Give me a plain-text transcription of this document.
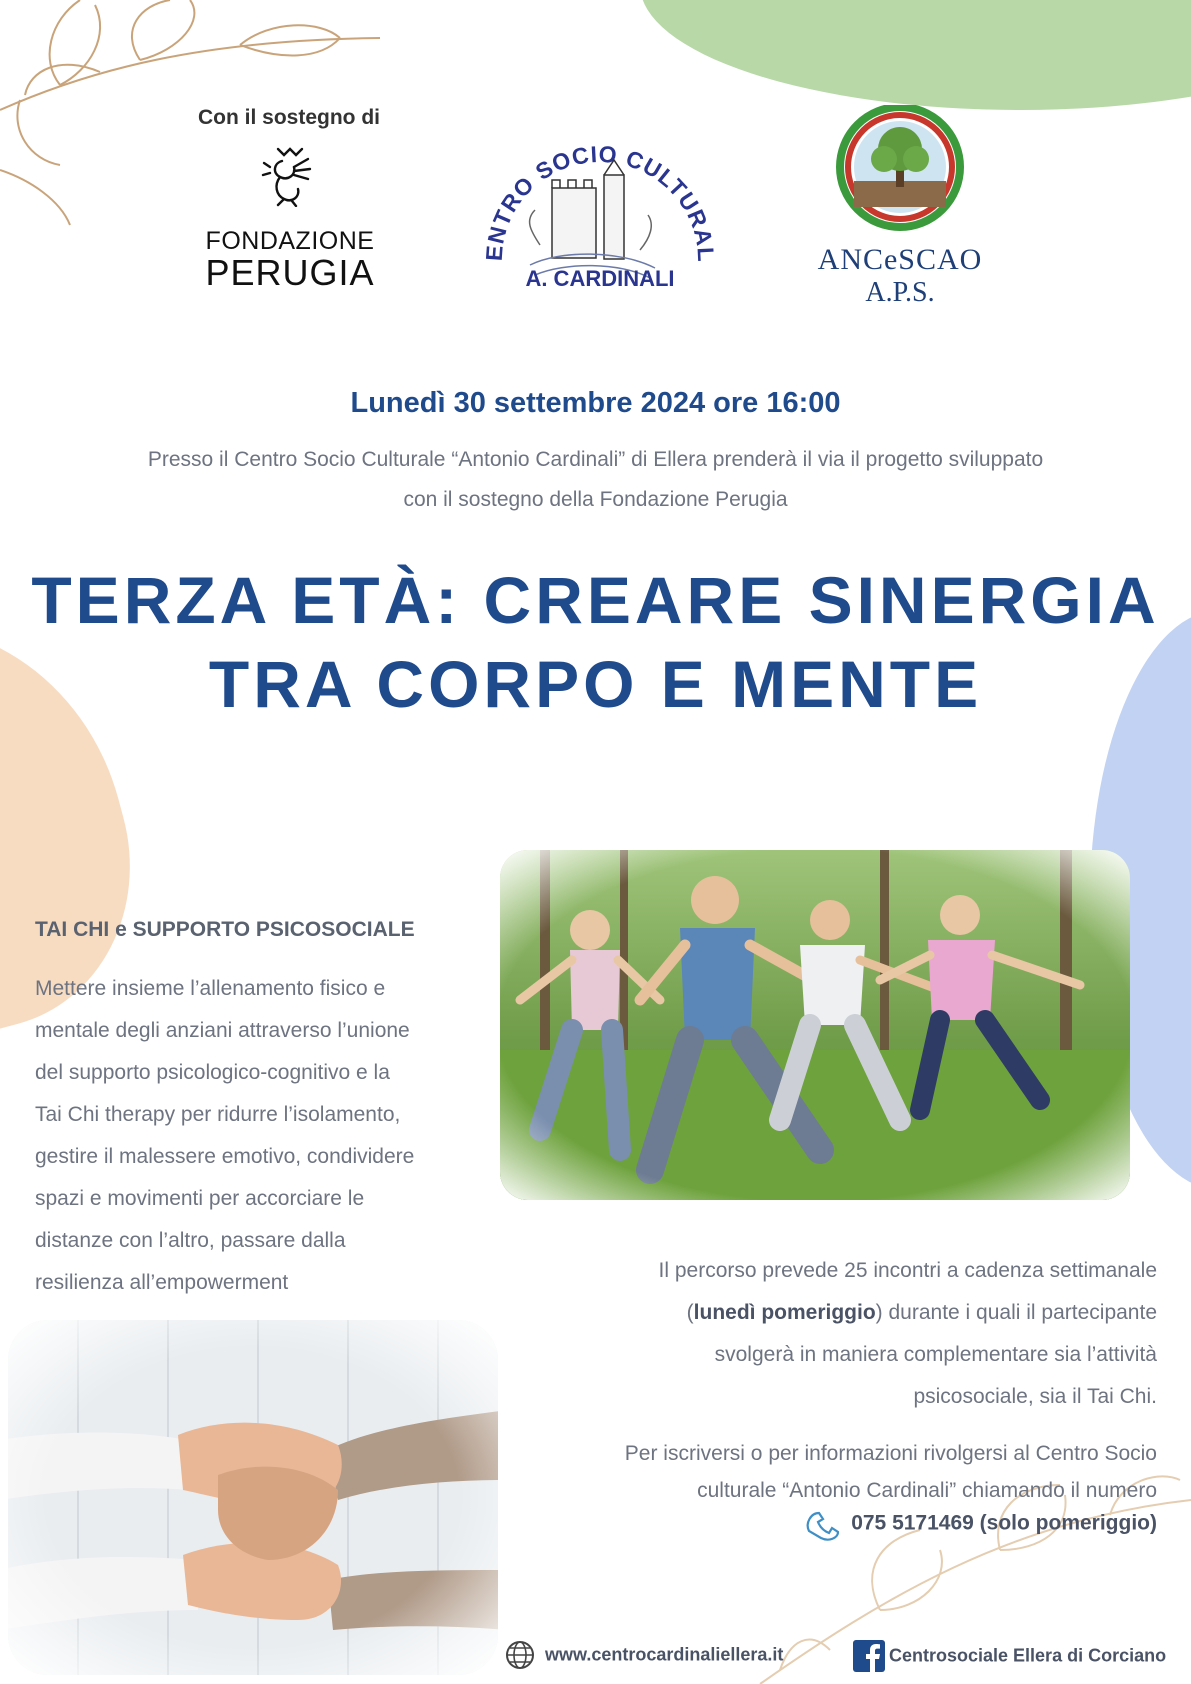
Con il sostegno di
FONDAZIONE
PERUGIA	ENTRO SOCIO CULTURAL
A. CARDINALI
ANCeSCAO
A.P.S.
Lunedì 30 settembre 2024 ore 16:00
Presso il Centro Socio Culturale “Antonio Cardinali” di Ellera prenderà il via il progetto sviluppato
con il sostegno della Fondazione Perugia
TERZA ETÀ: CREARE SINERGIA
TRA CORPO E MENTE
TAI CHI e SUPPORTO PSICOSOCIALE
Mettere insieme l’allenamento fisico e
mentale degli anziani attraverso l’unione
del supporto psicologico-cognitivo e la
Tai Chi therapy per ridurre l’isolamento,
gestire il malessere emotivo, condividere
spazi e movimenti per accorciare le
distanze con l’altro, passare dalla
resilienza all’empowerment
Il percorso prevede 25 incontri a cadenza settimanale
(lunedì pomeriggio) durante i quali il partecipante
svolgerà in maniera complementare sia l’attività
psicosociale, sia il Tai Chi.
Per iscriversi o per informazioni rivolgersi al Centro Socio
culturale “Antonio Cardinali” chiamando il numero
075 5171469 (solo pomeriggio)
www.centrocardinaliellera.it	Centrosociale Ellera di Corciano
